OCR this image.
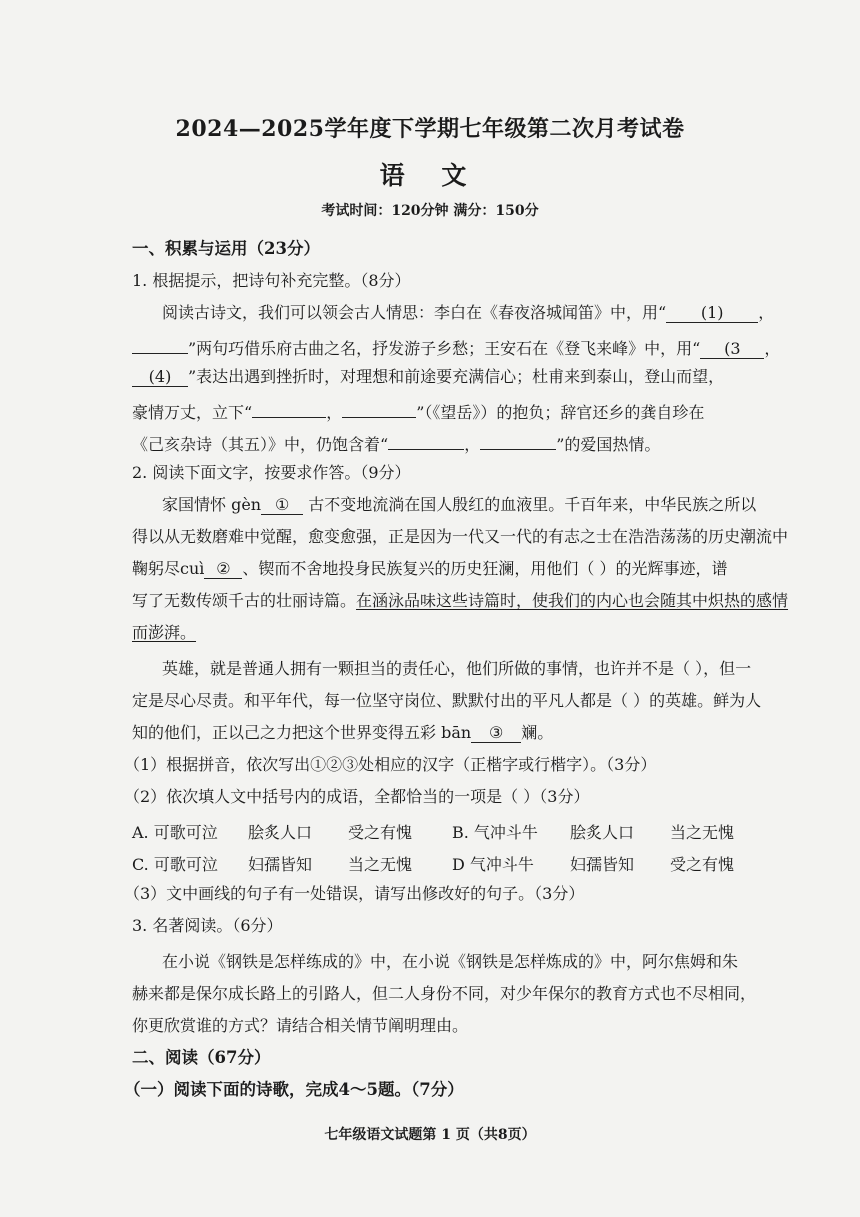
2024—2025学年度下学期七年级第二次月考试卷
语 文
考试时间：120分钟 满分：150分
一、积累与运用（23分）
1. 根据提示，把诗句补充完整。（8分）
阅读古诗文，我们可以领会古人情思：李白在《春夜洛城闻笛》中，用“ (1) ，
”两句巧借乐府古曲之名，抒发游子乡愁；王安石在《登飞来峰》中，用“ (3 ，
(4) ”表达出遇到挫折时，对理想和前途要充满信心；杜甫来到泰山，登山而望，
豪情万丈，立下“	，	”（《望岳》）的抱负；辞官还乡的龚自珍在
《己亥杂诗（其五）》中，仍饱含着“	，	”的爱国热情。
2. 阅读下面文字，按要求作答。（9分）
家国情怀 gèn ① 古不变地流淌在国人殷红的血液里。千百年来，中华民族之所以
得以从无数磨难中觉醒，愈变愈强，正是因为一代又一代的有志之士在浩浩荡荡的历史潮流中
鞠躬尽cuì ② 、锲而不舍地投身民族复兴的历史狂澜，用他们（ ）的光辉事迹，谱
写了无数传颂千古的壮丽诗篇。在涵泳品味这些诗篇时，使我们的内心也会随其中炽热的感情
而澎湃。
英雄，就是普通人拥有一颗担当的责任心，他们所做的事情，也许并不是（ ），但一
定是尽心尽责。和平年代，每一位坚守岗位、默默付出的平凡人都是（ ）的英雄。鲜为人
知的他们，正以己之力把这个世界变得五彩 bān ③ 斓。
（1）根据拼音，依次写出①②③处相应的汉字（正楷字或行楷字）。（3分）
（2）依次填人文中括号内的成语，全都恰当的一项是（ ）（3分）
A. 可歌可泣 脍炙人口 受之有愧 B. 气冲斗牛 脍炙人口 当之无愧
C. 可歌可泣 妇孺皆知 当之无愧 D 气冲斗牛 妇孺皆知 受之有愧
（3）文中画线的句子有一处错误，请写出修改好的句子。（3分）
3. 名著阅读。（6分）
在小说《钢铁是怎样练成的》中，在小说《钢铁是怎样炼成的》中，阿尔焦姆和朱
赫来都是保尔成长路上的引路人，但二人身份不同，对少年保尔的教育方式也不尽相同，
你更欣赏谁的方式？请结合相关情节阐明理由。
二、阅读（67分）
（一）阅读下面的诗歌，完成4～5题。（7分）
七年级语文试题第 1 页（共8页）
